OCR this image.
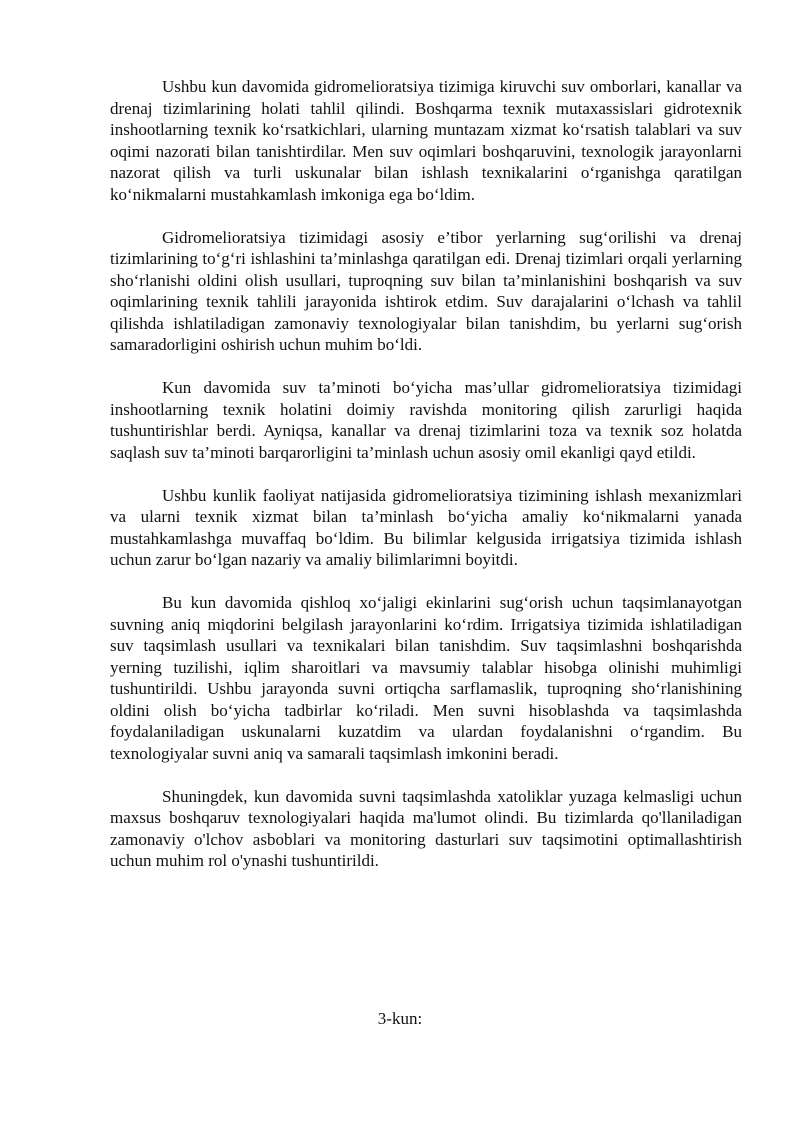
Ushbu kun davomida gidromelioratsiya tizimiga kiruvchi suv omborlari, kanallar va drenaj tizimlarining holati tahlil qilindi. Boshqarma texnik mutaxassislari gidrotexnik inshootlarning texnik koʻrsatkichlari, ularning muntazam xizmat koʻrsatish talablari va suv oqimi nazorati bilan tanishtirdilar. Men suv oqimlari boshqaruvini, texnologik jarayonlarni nazorat qilish va turli uskunalar bilan ishlash texnikalarini oʻrganishga qaratilgan koʻnikmalarni mustahkamlash imkoniga ega boʻldim.

Gidromelioratsiya tizimidagi asosiy e’tibor yerlarning sugʻorilishi va drenaj tizimlarining toʻgʻri ishlashini ta’minlashga qaratilgan edi. Drenaj tizimlari orqali yerlarning shoʻrlanishi oldini olish usullari, tuproqning suv bilan ta’minlanishini boshqarish va suv oqimlarining texnik tahlili jarayonida ishtirok etdim. Suv darajalarini oʻlchash va tahlil qilishda ishlatiladigan zamonaviy texnologiyalar bilan tanishdim, bu yerlarni sugʻorish samaradorligini oshirish uchun muhim boʻldi.

Kun davomida suv ta’minoti boʻyicha mas’ullar gidromelioratsiya tizimidagi inshootlarning texnik holatini doimiy ravishda monitoring qilish zarurligi haqida tushuntirishlar berdi. Ayniqsa, kanallar va drenaj tizimlarini toza va texnik soz holatda saqlash suv ta’minoti barqarorligini ta’minlash uchun asosiy omil ekanligi qayd etildi.

Ushbu kunlik faoliyat natijasida gidromelioratsiya tizimining ishlash mexanizmlari va ularni texnik xizmat bilan ta’minlash boʻyicha amaliy koʻnikmalarni yanada mustahkamlashga muvaffaq boʻldim. Bu bilimlar kelgusida irrigatsiya tizimida ishlash uchun zarur boʻlgan nazariy va amaliy bilimlarimni boyitdi.

Bu kun davomida qishloq xoʻjaligi ekinlarini sugʻorish uchun taqsimlanayotgan suvning aniq miqdorini belgilash jarayonlarini koʻrdim. Irrigatsiya tizimida ishlatiladigan suv taqsimlash usullari va texnikalari bilan tanishdim. Suv taqsimlashni boshqarishda yerning tuzilishi, iqlim sharoitlari va mavsumiy talablar hisobga olinishi muhimligi tushuntirildi. Ushbu jarayonda suvni ortiqcha sarflamaslik, tuproqning shoʻrlanishining oldini olish boʻyicha tadbirlar koʻriladi. Men suvni hisoblashda va taqsimlashda foydalaniladigan uskunalarni kuzatdim va ulardan foydalanishni oʻrgandim. Bu texnologiyalar suvni aniq va samarali taqsimlash imkonini beradi.

Shuningdek, kun davomida suvni taqsimlashda xatoliklar yuzaga kelmasligi uchun maxsus boshqaruv texnologiyalari haqida ma'lumot olindi. Bu tizimlarda qo'llaniladigan zamonaviy o'lchov asboblari va monitoring dasturlari suv taqsimotini optimallashtirish uchun muhim rol o'ynashi tushuntirildi.

3-kun:
